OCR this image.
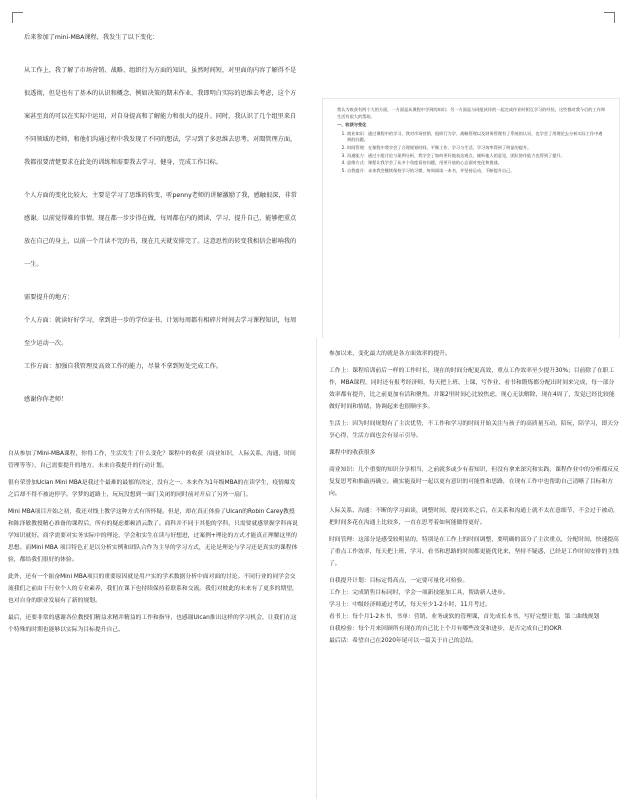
后来参加了mini-MBA课程，我发生了以下变化：

从工作上，我了解了市场营销、战略、组织行为方面的知识，虽然时间短，对里面的内容了解得不是很透彻，但是也有了基本的认识和概念，例如决策的期末作业，我即明白实际的思维去考虑，这个方案甚至真的可以在实际中运用，对自身提高和了解能力和很大的提升。同时，我认识了几个组里来自不同领域的老师，和他们沟通过程中我发现了不同的想法，学习到了多思维去思考。对閲管理方面，我都很要清楚要求在此处的训练和需要我去学习、健身，完成工作目标。

个人方面的变化比较大，主要是学习了思维的转变，听penny老师的讲解激励了我，感触很深，非常感谢。以前觉得难的事情，现在都一步步得在做，每周都在内的阅读，学习，提升自己，能够把重点放在自己的身上，以前一个月读不完的书，现在几天就安排完了。这意思性的转变我相信会影响我的一生。

需要提升的地方：

个人方面：就读好好学习，拿到进一步的学位证书，计划每周都有相碎片时间去学习课程知识，每周至少运动一次。

工作方面：加强自我管理及高效工作的能力，尽量不拿到短处完成工作。

感谢你你老师！

自从参加了Mini-MBA课程，你得工作，生活发生了什么变化？课程中的收获（商业知识，人际关系，沟通，时间管理等等），自己需要提升的地方，未来自我提升的行动计划。

很有荣誉加Uclan Mini MBA是我过个最难的最郁的决定，没有之一。本来作为1年级MBA的在读学生，疫情爆发之后却不得不被迫停学。学梦的道路上，玩玩没想到一面门关闭的同时前对开启了另外一扇门。

Mini MBA项目开始之初，我还对线上教学这种方式有所怀疑。但是，却在真正体验了Ulcan的Robin Carey教授和陈泽敏教授精心准备的课程后，所有的疑虑都顿消云散了。商科并不同于其他的学科，只需要就感掌握学科再说学知识就好。商学需要对实务实际中的理论，学会和实生在读与好想进，过案例+理论的方式才能真正理解这里的思想。而Mini MBA 项目特色正是以分析实例和团队合作为主导的学习方式，无论是理论与学习还是真实的课程体验，都给我们很好的体验。

此外，还有一个振奋Mini MBA项目的重要原因就是用户实的学术数据分析中面对面的讨论。不同行业的同学会交流我们之前由于行业个人的专业素养，我们在课下也持续保持着联系和交流。我们对彼此的未来有了更多的期望，也对自身的职业发展有了新的规划。

最后，还要非常的感谢各位教授们精益求精并精益的工作和指导，也感谢Ulcan推出这样的学习机会，让我们在这个特殊的时期也能够以实际为目标提升自己。

我认为收获有两个大的方面，一方面是从课程中学到的知识；另一方面是与同组伙伴的一起完成作业时相互学习的经验，这些都对我今后的工作和生活有很大的帮助。

一、收获与变化

1. 商业知识：通过课程中的学习，我对市场营销、组织行为学、战略管理以及财务管理有了系统的认识，也学会了用理论去分析实际工作中遇到的问题。
2. 时间管理：在课程中我学会了合理规划时间，平衡工作、学习与生活，学习效率得到了明显的提升。
3. 沟通能力：通过小组讨论与案例分析，我学会了如何更好地表达观点，倾听他人的意见，团队协作能力也得到了提升。
4. 思维方式：课程让我学会了从多个角度看待问题，用更开放的心态面对变化和挑战。
5. 自我提升：未来我会继续保持学习的习惯，每周阅读一本书，并坚持运动，不断提升自己。

参加以来，变化最大的就是各方面效率的提升。

工作上：课程培训前后一样的工作时长，现在的时间分配更高效，重点工作效率至少提升30%；目前除了在职工作，MBA课程，同时还有报考经济师，每天把上班、上课、写作业、看书和锻炼都分配出时间来完成，每一部分效率都有提升，比之前更加有活和聚焦。并课2里时间心比较焦虑，现心无法解除，现在4周了，发觉已经比较能做好时间和情绪，协调起来也很顺序多。

生活上：因为时间规划有了主次优势，不工作和学习的时间开始关注与孩子的高质量互动，陪玩，陪学习，即天分享心得，生活方面也会有显示引导。

课程中的收获很多

商业知识：几个重要的知识分享相当，之前就多或少有着知识，但没有拿来深究和实践，课程作业中的分析都反反复复思考和推敲再确立，确实能及时一起以更有意识的可能性和思路，在现有工作中也帮助自己清晰了目标和方向。

人际关系、沟通：不断的学习面谈，调整时间，提问效率之后，在关系和沟通上就不太在意细节，不会过于被动，把时间多花在沟通上比较多，一直在思考着如何能做得更好。

时间管理：这部分是感受较明显的，特别是在工作上的时间调整，要明确的部分了主次重点，分配时间，快速提高了重点工作效率，每天把上班、学习、看书和思路的时间都更能优化来，坚持不疑惑，已经是工作时间安排的主线了。

自我提升计划：目标定得高点，一定要可量化可检验。

工作上：完成销售目标同时，学会一项新技能加工具，帮助新人进步。

学习上：中级经济师通过考试，每天至少1-2小时，11月考过。

看书上：每个月1-2本书，书单：营销、业务或软的管理课，首先成长本书，写好完整计划，第二曲线规划

自我检验：每个月来回顾所有现在的自己比上个月有哪些改变和进步，是否完成自己的OKR

最后话：希望自己在2020年尾可以一篇关于自己的总结。
